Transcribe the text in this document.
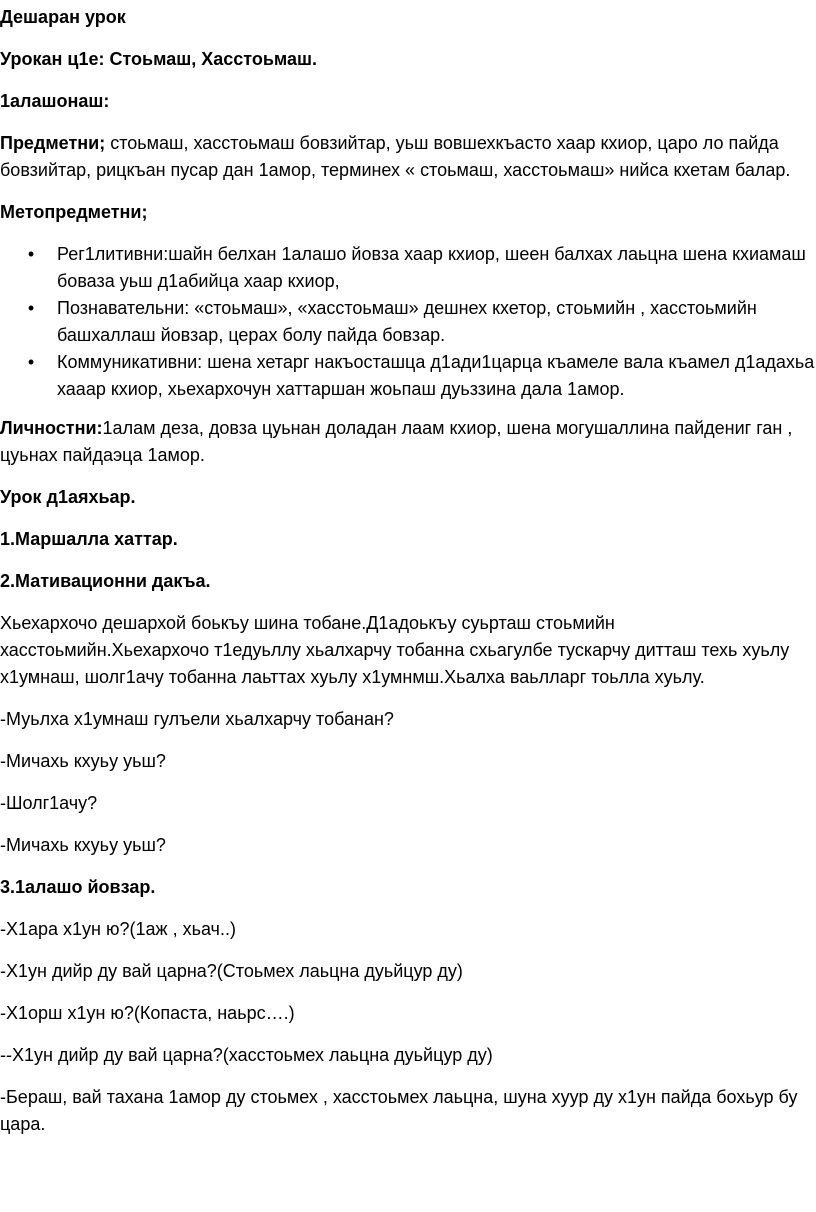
Дешаран урок

Урокан ц1е: Стоьмаш, Хасстоьмаш.

1алашонаш:

Предметни; стоьмаш, хасстоьмаш бовзийтар, уьш вовшехкъасто хаар кхиор, царо ло пайда бовзийтар, рицкъан пусар дан 1амор, терминех « стоьмаш, хасстоьмаш» нийса кхетам балар.

Метопредметни;

• Рег1литивни:шайн белхан 1алашо йовза хаар кхиор, шеен балхах лаьцна шена кхиамаш боваза уьш д1абийца хаар кхиор,
• Познавательни: «стоьмаш», «хасстоьмаш» дешнех кхетор, стоьмийн , хасстоьмийн башхаллаш йовзар, церах болу пайда бовзар.
• Коммуникативни: шена хетарг накъосташца д1ади1царца къамеле вала къамел д1адахьа хааар кхиор, хьехархочун хаттаршан жоьпаш дуьззина дала 1амор.

Личностни:1алам деза, довза цуьнан доладан лаам кхиор, шена могушаллина пайдениг ган , цуьнах пайдаэца 1амор.

Урок д1аяхьар.

1.Маршалла хаттар.

2.Мативационни дакъа.

Хьехархочо дешархой боькъу шина тобане.Д1адоькъу суьрташ стоьмийн хасстоьмийн.Хьехархочо т1едуьллу хьалхарчу тобанна схьагулбе тускарчу дитташ техь хуьлу х1умнаш, шолг1ачу тобанна лаьттах хуьлу х1умнмш.Хьалха ваьлларг тоьлла хуьлу.

-Муьлха х1умнаш гулъели хьалхарчу тобанан?

-Мичахь кхуьу уьш?

-Шолг1ачу?

-Мичахь кхуьу уьш?

3.1алашо йовзар.

-Х1ара х1ун ю?(1аж , хьач..)

-Х1ун дийр ду вай царна?(Стоьмех лаьцна дуьйцур ду)

-Х1орш х1ун ю?(Копаста, наьрс….)

--Х1ун дийр ду вай царна?(хасстоьмех лаьцна дуьйцур ду)

-Бераш, вай тахана 1амор ду стоьмех , хасстоьмех лаьцна, шуна хуур ду х1ун пайда бохьур бу цара.
